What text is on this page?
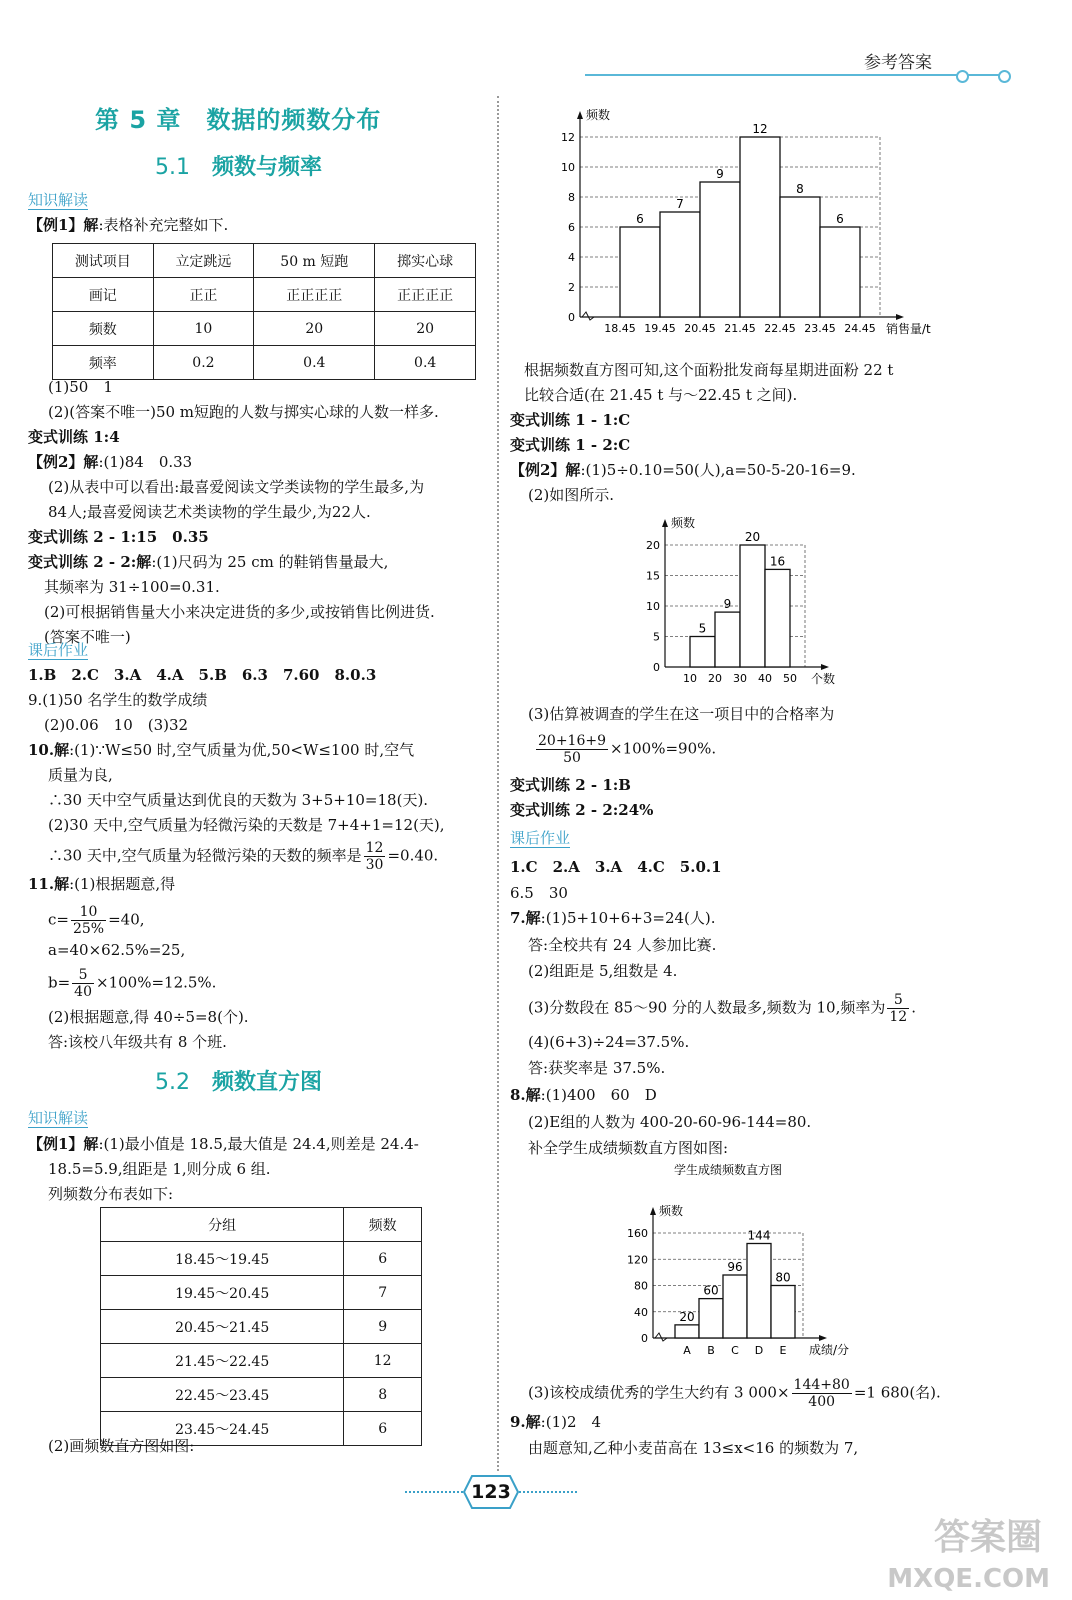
参考答案
第 5 章　数据的频数分布
5.1　 频数与频率
知识解读
【例1】解:表格补充完整如下.
测试项目	立定跳远	50 m 短跑	掷实心球
画记	正正	正正正正	正正正正
频数	10	20	20
频率	0.2	0.4	0.4
(1)50　1
(2)(答案不唯一)50 m短跑的人数与掷实心球的人数一样多.
变式训练 1:4
【例2】解:(1)84　0.33
(2)从表中可以看出:最喜爱阅读文学类读物的学生最多,为
84人;最喜爱阅读艺术类读物的学生最少,为22人.
变式训练 2 - 1:15　0.35
变式训练 2 - 2:解:(1)尺码为 25 cm 的鞋销售量最大,
其频率为 31÷100=0.31.
(2)可根据销售量大小来决定进货的多少,或按销售比例进货.
(答案不唯一)
课后作业
1.B　2.C　3.A　4.A　5.B　6.3　7.60　8.0.3
9.(1)50 名学生的数学成绩
(2)0.06　10　(3)32
10.解:(1)∵W≤50 时,空气质量为优,50<W≤100 时,空气
质量为良,
∴30 天中空气质量达到优良的天数为 3+5+10=18(天).
(2)30 天中,空气质量为轻微污染的天数是 7+4+1=12(天),
∴30 天中,空气质量为轻微污染的天数的频率是 $\frac{12}{30} =0.40$.
11.解:(1)根据题意,得
$c= \frac{10}{25\%} =40$,
a=40×62.5%=25,
$b= \frac{5}{40} \times 100\%=12.5\%$.
(2)根据题意,得 40÷5=8(个).
答:该校八年级共有 8 个班.
5.2　 频数直方图
知识解读
【例1】解:(1)最小值是 18.5,最大值是 24.4,则差是 24.4-
18.5=5.9,组距是 1,则分成 6 组.
列频数分布表如下:
分组	频数
18.45～19.45	6
19.45～20.45	7
20.45～21.45	9
21.45～22.45	12
22.45～23.45	8
23.45～24.45	6
(2)画频数直方图如图:
0
2
4
6
8
10
12
频数
销售量/t
6
7
9
12
8
6
18.45 19.45 20.45 21.45 22.45 23.45 24.45
根据频数直方图可知,这个面粉批发商每星期进面粉 22 t
比较合适(在 21.45 t 与～22.45 t 之间).
变式训练 1 - 1:C
变式训练 1 - 2:C
【例2】解:(1)5÷0.10=50(人),a=50-5-20-16=9.
(2)如图所示.
0
5
10
15
20
频数
个数
5
9
20
16
10 20 30 40 50
(3)估算被调查的学生在这一项目中的合格率为
$\frac{20+16+9}{50} \times 100\%=90\%$.
变式训练 2 - 1:B
变式训练 2 - 2:24%
课后作业
1.C　2.A　3.A　4.C　5.0.1
6.5　30
7.解:(1)5+10+6+3=24(人).
答:全校共有 24 人参加比赛.
(2)组距是 5,组数是 4.
(3)分数段在 85～90 分的人数最多,频数为 10,频率为 $\frac{5}{12}$ .
(4)(6+3)÷24=37.5%.
答:获奖率是 37.5%.
8.解:(1)400　60　D
(2)E组的人数为 400-20-60-96-144=80.
补全学生成绩频数直方图如图:
学生成绩频数直方图
0
40
80
120
160
频数
成绩/分
20
60
96
144
80
A B C D E
(3)该校成绩优秀的学生大约有 3 $000\times \frac{144+80}{400} =1$ 680(名).
9.解:(1)2　4
由题意知,乙种小麦苗高在 13≤x<16 的频数为 7,
123
答案圈
MXQE.COM
